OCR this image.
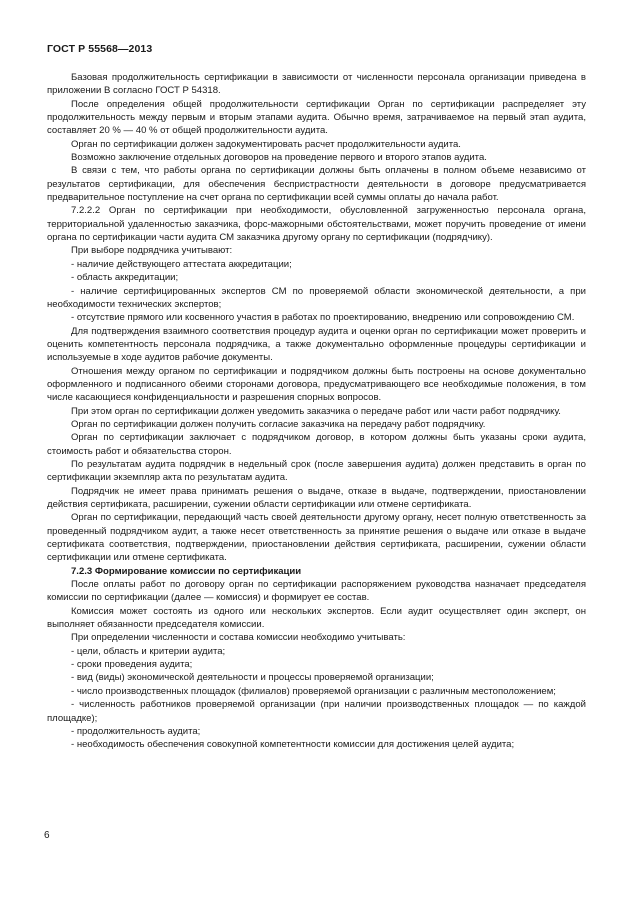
ГОСТ Р 55568—2013

Базовая продолжительность сертификации в зависимости от численности персонала организации приведена в приложении В согласно ГОСТ Р 54318.

После определения общей продолжительности сертификации Орган по сертификации распределяет эту продолжительность между первым и вторым этапами аудита. Обычно время, затрачиваемое на первый этап аудита, составляет 20 % — 40 % от общей продолжительности аудита.

Орган по сертификации должен задокументировать расчет продолжительности аудита.

Возможно заключение отдельных договоров на проведение первого и второго этапов аудита.

В связи с тем, что работы органа по сертификации должны быть оплачены в полном объеме независимо от результатов сертификации, для обеспечения беспристрастности деятельности в договоре предусматривается предварительное поступление на счет органа по сертификации всей суммы оплаты до начала работ.

7.2.2.2 Орган по сертификации при необходимости, обусловленной загруженностью персонала органа, территориальной удаленностью заказчика, форс-мажорными обстоятельствами, может поручить проведение от имени органа по сертификации части аудита СМ заказчика другому органу по сертификации (подрядчику).

При выборе подрядчика учитывают:

- наличие действующего аттестата аккредитации;

- область аккредитации;

- наличие сертифицированных экспертов СМ по проверяемой области экономической деятельности, а при необходимости технических экспертов;

- отсутствие прямого или косвенного участия в работах по проектированию, внедрению или сопровождению СМ.

Для подтверждения взаимного соответствия процедур аудита и оценки орган по сертификации может проверить и оценить компетентность персонала подрядчика, а также документально оформленные процедуры сертификации и используемые в ходе аудитов рабочие документы.

Отношения между органом по сертификации и подрядчиком должны быть построены на основе документально оформленного и подписанного обеими сторонами договора, предусматривающего все необходимые положения, в том числе касающиеся конфиденциальности и разрешения спорных вопросов.

При этом орган по сертификации должен уведомить заказчика о передаче работ или части работ подрядчику.

Орган по сертификации должен получить согласие заказчика на передачу работ подрядчику.

Орган по сертификации заключает с подрядчиком договор, в котором должны быть указаны сроки аудита, стоимость работ и обязательства сторон.

По результатам аудита подрядчик в недельный срок (после завершения аудита) должен представить в орган по сертификации экземпляр акта по результатам аудита.

Подрядчик не имеет права принимать решения о выдаче, отказе в выдаче, подтверждении, приостановлении действия сертификата, расширении, сужении области сертификации или отмене сертификата.

Орган по сертификации, передающий часть своей деятельности другому органу, несет полную ответственность за проведенный подрядчиком аудит, а также несет ответственность за принятие решения о выдаче или отказе в выдаче сертификата соответствия, подтверждении, приостановлении действия сертификата, расширении, сужении области сертификации или отмене сертификата.

7.2.3 Формирование комиссии по сертификации

После оплаты работ по договору орган по сертификации распоряжением руководства назначает председателя комиссии по сертификации (далее — комиссия) и формирует ее состав.

Комиссия может состоять из одного или нескольких экспертов. Если аудит осуществляет один эксперт, он выполняет обязанности председателя комиссии.

При определении численности и состава комиссии необходимо учитывать:

- цели, область и критерии аудита;

- сроки проведения аудита;

- вид (виды) экономической деятельности и процессы проверяемой организации;

- число производственных площадок (филиалов) проверяемой организации с различным местоположением;

- численность работников проверяемой организации (при наличии производственных площадок — по каждой площадке);

- продолжительность аудита;

- необходимость обеспечения совокупной компетентности комиссии для достижения целей аудита;

6
